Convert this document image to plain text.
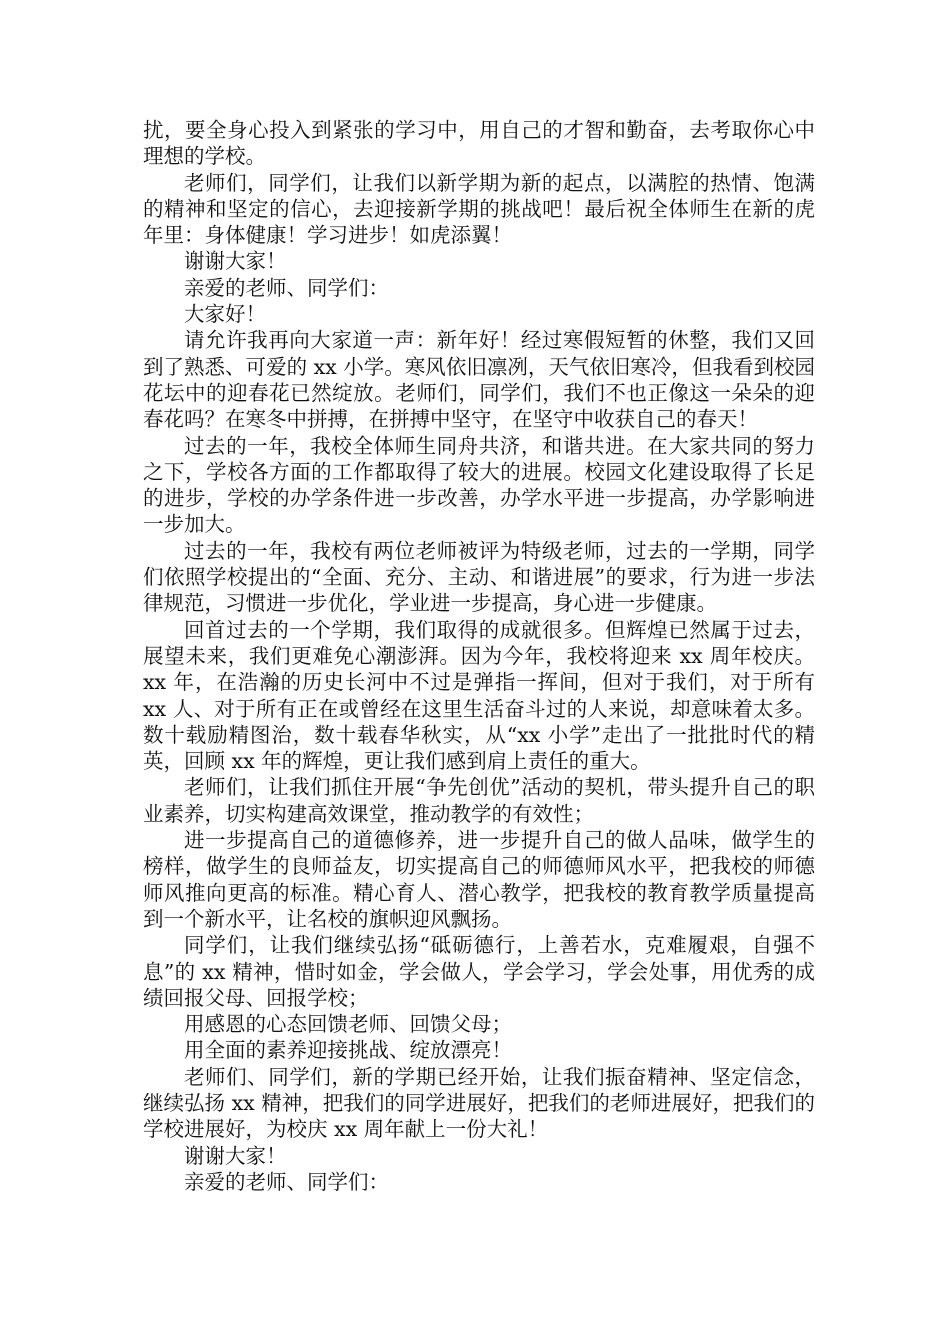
扰，要全身心投入到紧张的学习中，用自己的才智和勤奋，去考取你心中理想的学校。

老师们，同学们，让我们以新学期为新的起点，以满腔的热情、饱满的精神和坚定的信心，去迎接新学期的挑战吧！最后祝全体师生在新的虎年里：身体健康！学习进步！如虎添翼！

谢谢大家！

亲爱的老师、同学们：

大家好！

请允许我再向大家道一声：新年好！经过寒假短暂的休整，我们又回到了熟悉、可爱的 xx 小学。寒风依旧凛冽，天气依旧寒冷，但我看到校园花坛中的迎春花已然绽放。老师们，同学们，我们不也正像这一朵朵的迎春花吗？在寒冬中拼搏，在拼搏中坚守，在坚守中收获自己的春天！

过去的一年，我校全体师生同舟共济，和谐共进。在大家共同的努力之下，学校各方面的工作都取得了较大的进展。校园文化建设取得了长足的进步，学校的办学条件进一步改善，办学水平进一步提高，办学影响进一步加大。

过去的一年，我校有两位老师被评为特级老师，过去的一学期，同学们依照学校提出的“全面、充分、主动、和谐进展”的要求，行为进一步法律规范，习惯进一步优化，学业进一步提高，身心进一步健康。

回首过去的一个学期，我们取得的成就很多。但辉煌已然属于过去，展望未来，我们更难免心潮澎湃。因为今年，我校将迎来 xx 周年校庆。xx 年，在浩瀚的历史长河中不过是弹指一挥间，但对于我们，对于所有 xx 人、对于所有正在或曾经在这里生活奋斗过的人来说，却意味着太多。数十载励精图治，数十载春华秋实，从“xx 小学”走出了一批批时代的精英，回顾 xx 年的辉煌，更让我们感到肩上责任的重大。

老师们，让我们抓住开展“争先创优”活动的契机，带头提升自己的职业素养，切实构建高效课堂，推动教学的有效性；

进一步提高自己的道德修养，进一步提升自己的做人品味，做学生的榜样，做学生的良师益友，切实提高自己的师德师风水平，把我校的师德师风推向更高的标准。精心育人、潜心教学，把我校的教育教学质量提高到一个新水平，让名校的旗帜迎风飘扬。

同学们，让我们继续弘扬“砥砺德行，上善若水，克难履艰，自强不息”的 xx 精神，惜时如金，学会做人，学会学习，学会处事，用优秀的成绩回报父母、回报学校；

用感恩的心态回馈老师、回馈父母；

用全面的素养迎接挑战、绽放漂亮！

老师们、同学们，新的学期已经开始，让我们振奋精神、坚定信念，继续弘扬 xx 精神，把我们的同学进展好，把我们的老师进展好，把我们的学校进展好，为校庆 xx 周年献上一份大礼！

谢谢大家！

亲爱的老师、同学们：
